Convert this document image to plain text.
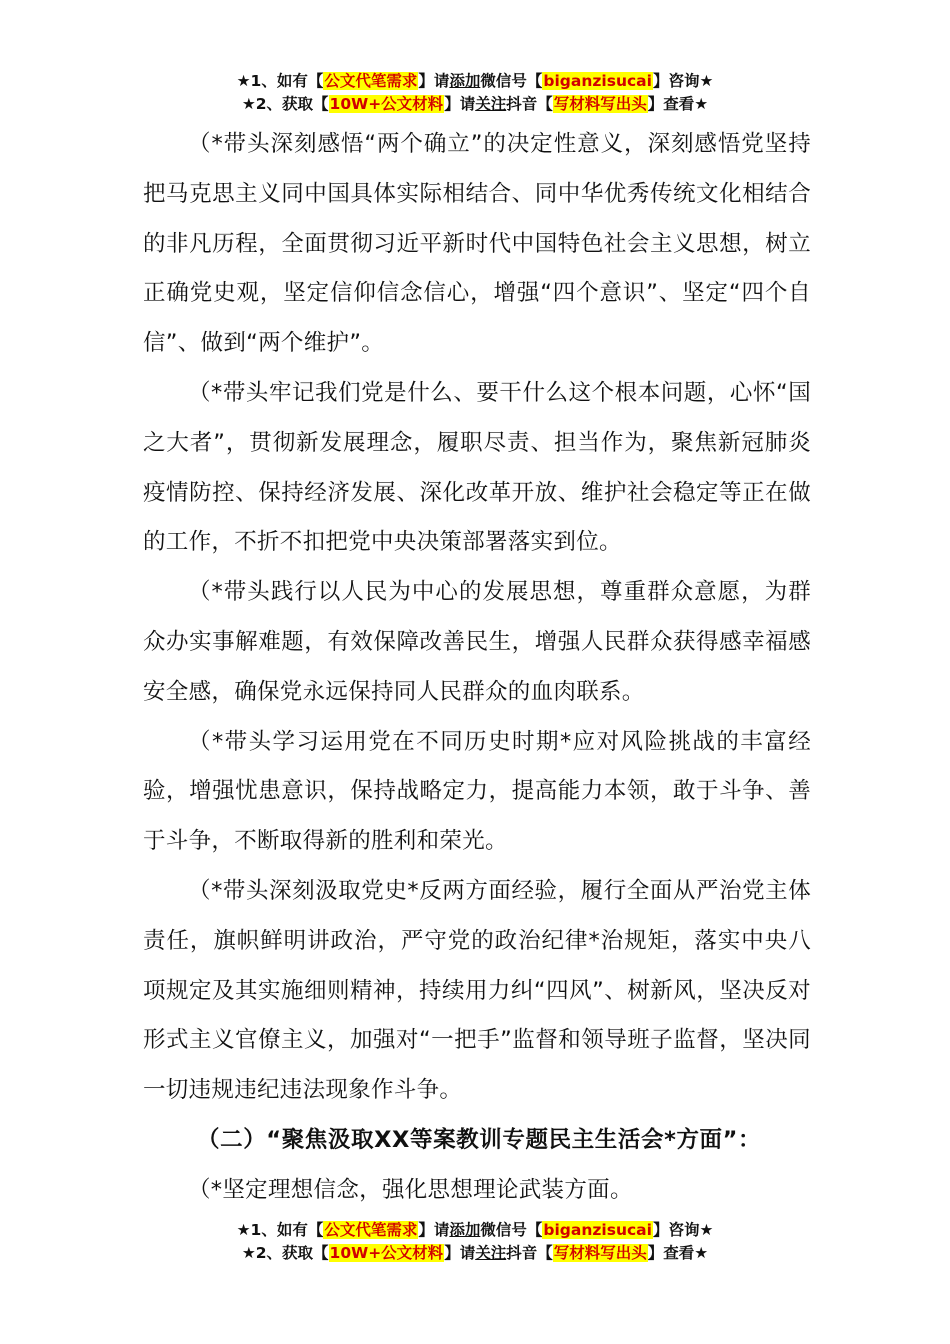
★1、如有【公文代笔需求】请添加微信号【biganzisucai】咨询★
★2、获取【10W+公文材料】请关注抖音【写材料写出头】查看★

（*带头深刻感悟“两个确立”的决定性意义，深刻感悟党坚持把马克思主义同中国具体实际相结合、同中华优秀传统文化相结合的非凡历程，全面贯彻习近平新时代中国特色社会主义思想，树立正确党史观，坚定信仰信念信心，增强“四个意识”、坚定“四个自信”、做到“两个维护”。

（*带头牢记我们党是什么、要干什么这个根本问题，心怀“国之大者”，贯彻新发展理念，履职尽责、担当作为，聚焦新冠肺炎疫情防控、保持经济发展、深化改革开放、维护社会稳定等正在做的工作，不折不扣把党中央决策部署落实到位。

（*带头践行以人民为中心的发展思想，尊重群众意愿，为群众办实事解难题，有效保障改善民生，增强人民群众获得感幸福感安全感，确保党永远保持同人民群众的血肉联系。

（*带头学习运用党在不同历史时期*应对风险挑战的丰富经验，增强忧患意识，保持战略定力，提高能力本领，敢于斗争、善于斗争，不断取得新的胜利和荣光。

（*带头深刻汲取党史*反两方面经验，履行全面从严治党主体责任，旗帜鲜明讲政治，严守党的政治纪律*治规矩，落实中央八项规定及其实施细则精神，持续用力纠“四风”、树新风，坚决反对形式主义官僚主义，加强对“一把手”监督和领导班子监督，坚决同一切违规违纪违法现象作斗争。

（二）“聚焦汲取XX等案教训专题民主生活会*方面”：

（*坚定理想信念，强化思想理论武装方面。

★1、如有【公文代笔需求】请添加微信号【biganzisucai】咨询★
★2、获取【10W+公文材料】请关注抖音【写材料写出头】查看★
